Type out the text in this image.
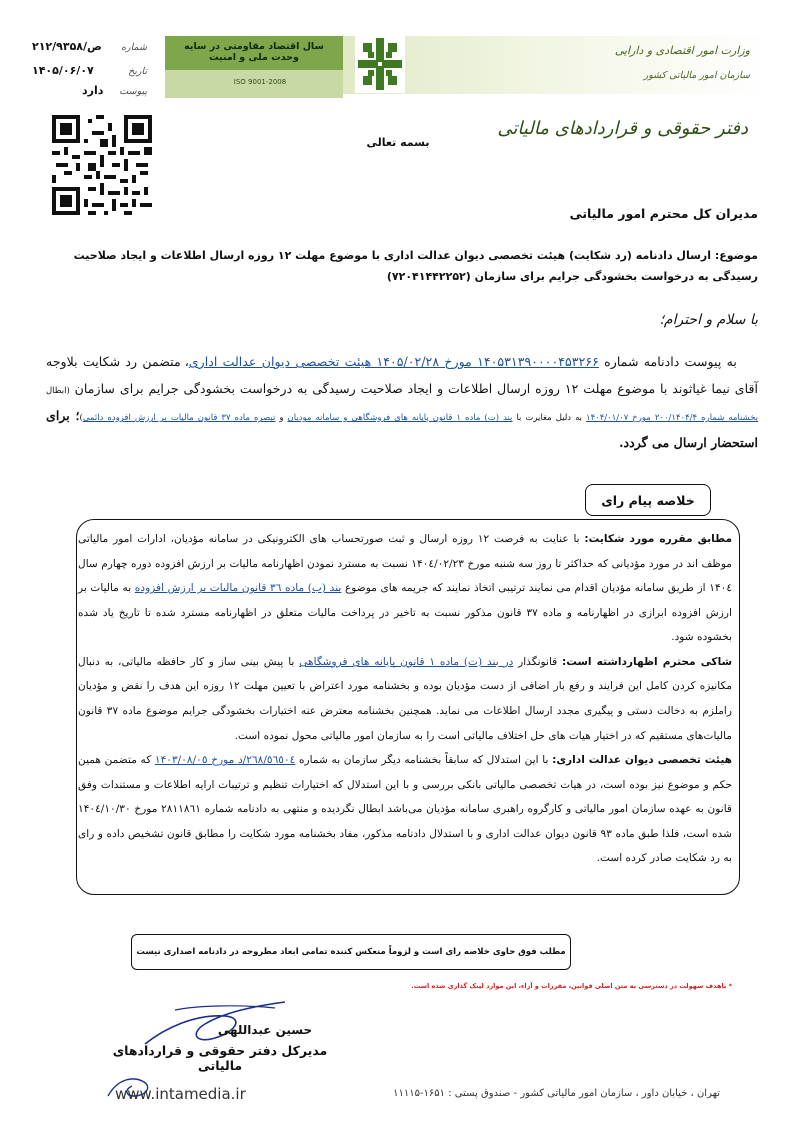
سال اقتصاد مقاومتی در سایه وحدت ملی و امنیت
ISO 9001-2008
وزارت امور اقتصادی و دارایی
سازمان امور مالیاتی کشور
دفتر حقوقی و قراردادهای مالیاتی
۲۱۲/۹۳۵۸/ص شماره
۱۴۰۵/۰۶/۰۷	تاریخ
دارد پیوست
بسمه تعالی
مدیران کل محترم امور مالیاتی
موضوع: ارسال دادنامه (رد شکایت) هیئت تخصصی دیوان عدالت اداری با موضوع مهلت ۱۲ روزه ارسال اطلاعات و ایجاد صلاحیت رسیدگی به درخواست بخشودگی جرایم برای سازمان (۷۲۰۴۱۴۴۲۲۵۲)
با سلام و احترام؛
به پیوست دادنامه شماره ۱۴۰۵۳۱۳۹۰۰۰۰۴۵۳۲۶۶ مورخ ۱۴۰۵/۰۲/۲۸ هیئت تخصصی دیوان عدالت اداری، متضمن رد شکایت بلاوجه آقای نیما غیاثوند با موضوع مهلت ۱۲ روزه ارسال اطلاعات و ایجاد صلاحیت رسیدگی به درخواست بخشودگی جرایم برای سازمان (ابطال بخشنامه شماره ۲۰۰/۱۴۰۴/۴ مورخ ۱۴۰۴/۰۱/۰۷ به دلیل مغایرت با بند (ت) ماده ۱ قانون پایانه های فروشگاهی و سامانه مودیان و تبصره ماده ۳۷ قانون مالیات بر ارزش افزوده دائمی)؛ برای استحضار ارسال می گردد.
خلاصه پیام رای

مطابق مقرره مورد شکایت: با عنایت به فرصت ۱۲ روزه ارسال و ثبت صورتحساب های الکترونیکی در سامانه مؤدیان، ادارات امور مالیاتی موظف اند در مورد مؤدیانی که حداکثر تا روز سه شنبه مورخ ۱۴۰٤/۰۲/۲۳ نسبت به مسترد نمودن اظهارنامه مالیات بر ارزش افزوده دوره چهارم سال ۱۴۰٤ از طریق سامانه مؤدیان اقدام می نمایند ترتیبی اتخاذ نمایند که جریمه های موضوع بند (ب) ماده ۳٦ قانون مالیات بر ارزش افزوده به مالیات بر ارزش افزوده ابرازی در اظهارنامه و ماده ۳۷ قانون مذکور نسبت به تاخیر در پرداخت مالیات متعلق در اظهارنامه مسترد شده تا تاریخ یاد شده بخشوده شود.

شاکی محترم اظهارداشته است: قانونگذار در بند (ت) ماده ۱ قانون پایانه های فروشگاهی با پیش بینی ساز و کار حافظه مالیاتی، به دنبال مکانیزه کردن کامل این فرایند و رفع بار اضافی از دست مؤدیان بوده و بخشنامه مورد اعتراض با تعیین مهلت ۱۲ روزه این هدف را نقض و مؤدیان راملزم به دخالت دستی و پیگیری مجدد ارسال اطلاعات می نماید. همچنین بخشنامه معترض عنه اختیارات بخشودگی جرایم موضوع ماده ۳۷ قانون مالیات‌های مستقیم که در اختیار هیات های حل اختلاف مالیاتی است را به سازمان امور مالیاتی محول نموده است.

هیئت تخصصی دیوان عدالت اداری: با این استدلال که سابقاً بخشنامه دیگر سازمان به شماره ۲٦۸/٥٦٥٠٤/د مورخ ۱۴۰۳/۰۸/۰٥ که متضمن همین حکم و موضوع نیز بوده است، در هیات تخصصی مالیاتی بانکی بررسی و با این استدلال که اختیارات تنظیم و ترتیبات ارایه اطلاعات و مستندات وفق قانون به عهده سازمان امور مالیاتی و کارگروه راهبری سامانه مؤدیان می‌باشد ابطال نگردیده و منتهی به دادنامه شماره ۲۸۱۱۸٦۱ مورخ ۱۴۰٤/۱۰/۳۰ شده است، فلذا طبق ماده ۹۳ قانون دیوان عدالت اداری و با استدلال دادنامه مذکور، مفاد بخشنامه مورد شکایت را مطابق قانون تشخیص داده و رای به رد شکایت صادر کرده است.

مطلب فوق حاوی خلاصه رای است و لزوماً منعکس کننده تمامی ابعاد مطروحه در دادنامه اصداری نیست
* باهدف سهولت در دسترسی به متن اصلی قوانین، مقررات و آراء، این موارد لینک گذاری شده است.
حسین عبداللهی
مدیرکل دفتر حقوقی و قراردادهای مالیاتی
www.intamedia.ir	تهران ، خیابان داور ، سازمان امور مالیاتی کشور - صندوق پستی : ۱۶۵۱-۱۱۱۱۵
